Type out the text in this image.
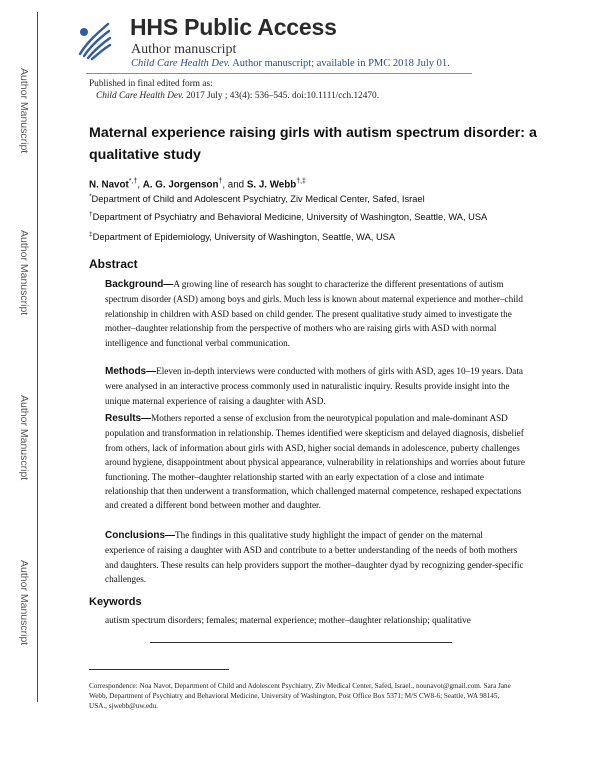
Author Manuscript
Author Manuscript
Author Manuscript
Author Manuscript
HHS Public Access
Author manuscript
Child Care Health Dev. Author manuscript; available in PMC 2018 July 01.
Published in final edited form as:
Child Care Health Dev. 2017 July ; 43(4): 536–545. doi:10.1111/cch.12470.
Maternal experience raising girls with autism spectrum disorder: a qualitative study
N. Navot*,†, A. G. Jorgenson†, and S. J. Webb†,‡
*Department of Child and Adolescent Psychiatry, Ziv Medical Center, Safed, Israel
†Department of Psychiatry and Behavioral Medicine, University of Washington, Seattle, WA, USA
‡Department of Epidemiology, University of Washington, Seattle, WA, USA
Abstract
Background—A growing line of research has sought to characterize the different presentations of autism spectrum disorder (ASD) among boys and girls. Much less is known about maternal experience and mother–child relationship in children with ASD based on child gender. The present qualitative study aimed to investigate the mother–daughter relationship from the perspective of mothers who are raising girls with ASD with normal intelligence and functional verbal communication.
Methods—Eleven in-depth interviews were conducted with mothers of girls with ASD, ages 10–19 years. Data were analysed in an interactive process commonly used in naturalistic inquiry. Results provide insight into the unique maternal experience of raising a daughter with ASD.
Results—Mothers reported a sense of exclusion from the neurotypical population and male-dominant ASD population and transformation in relationship. Themes identified were skepticism and delayed diagnosis, disbelief from others, lack of information about girls with ASD, higher social demands in adolescence, puberty challenges around hygiene, disappointment about physical appearance, vulnerability in relationships and worries about future functioning. The mother–daughter relationship started with an early expectation of a close and intimate relationship that then underwent a transformation, which challenged maternal competence, reshaped expectations and created a different bond between mother and daughter.
Conclusions—The findings in this qualitative study highlight the impact of gender on the maternal experience of raising a daughter with ASD and contribute to a better understanding of the needs of both mothers and daughters. These results can help providers support the mother–daughter dyad by recognizing gender-specific challenges.
Keywords
autism spectrum disorders; females; maternal experience; mother–daughter relationship; qualitative
Correspondence: Noa Navot, Department of Child and Adolescent Psychiatry, Ziv Medical Center, Safed, Israel., nounavot@gmail.com. Sara Jane Webb, Department of Psychiatry and Behavioral Medicine, University of Washington, Post Office Box 5371; M/S CW8-6; Seattle, WA 98145, USA., sjwebb@uw.edu.
